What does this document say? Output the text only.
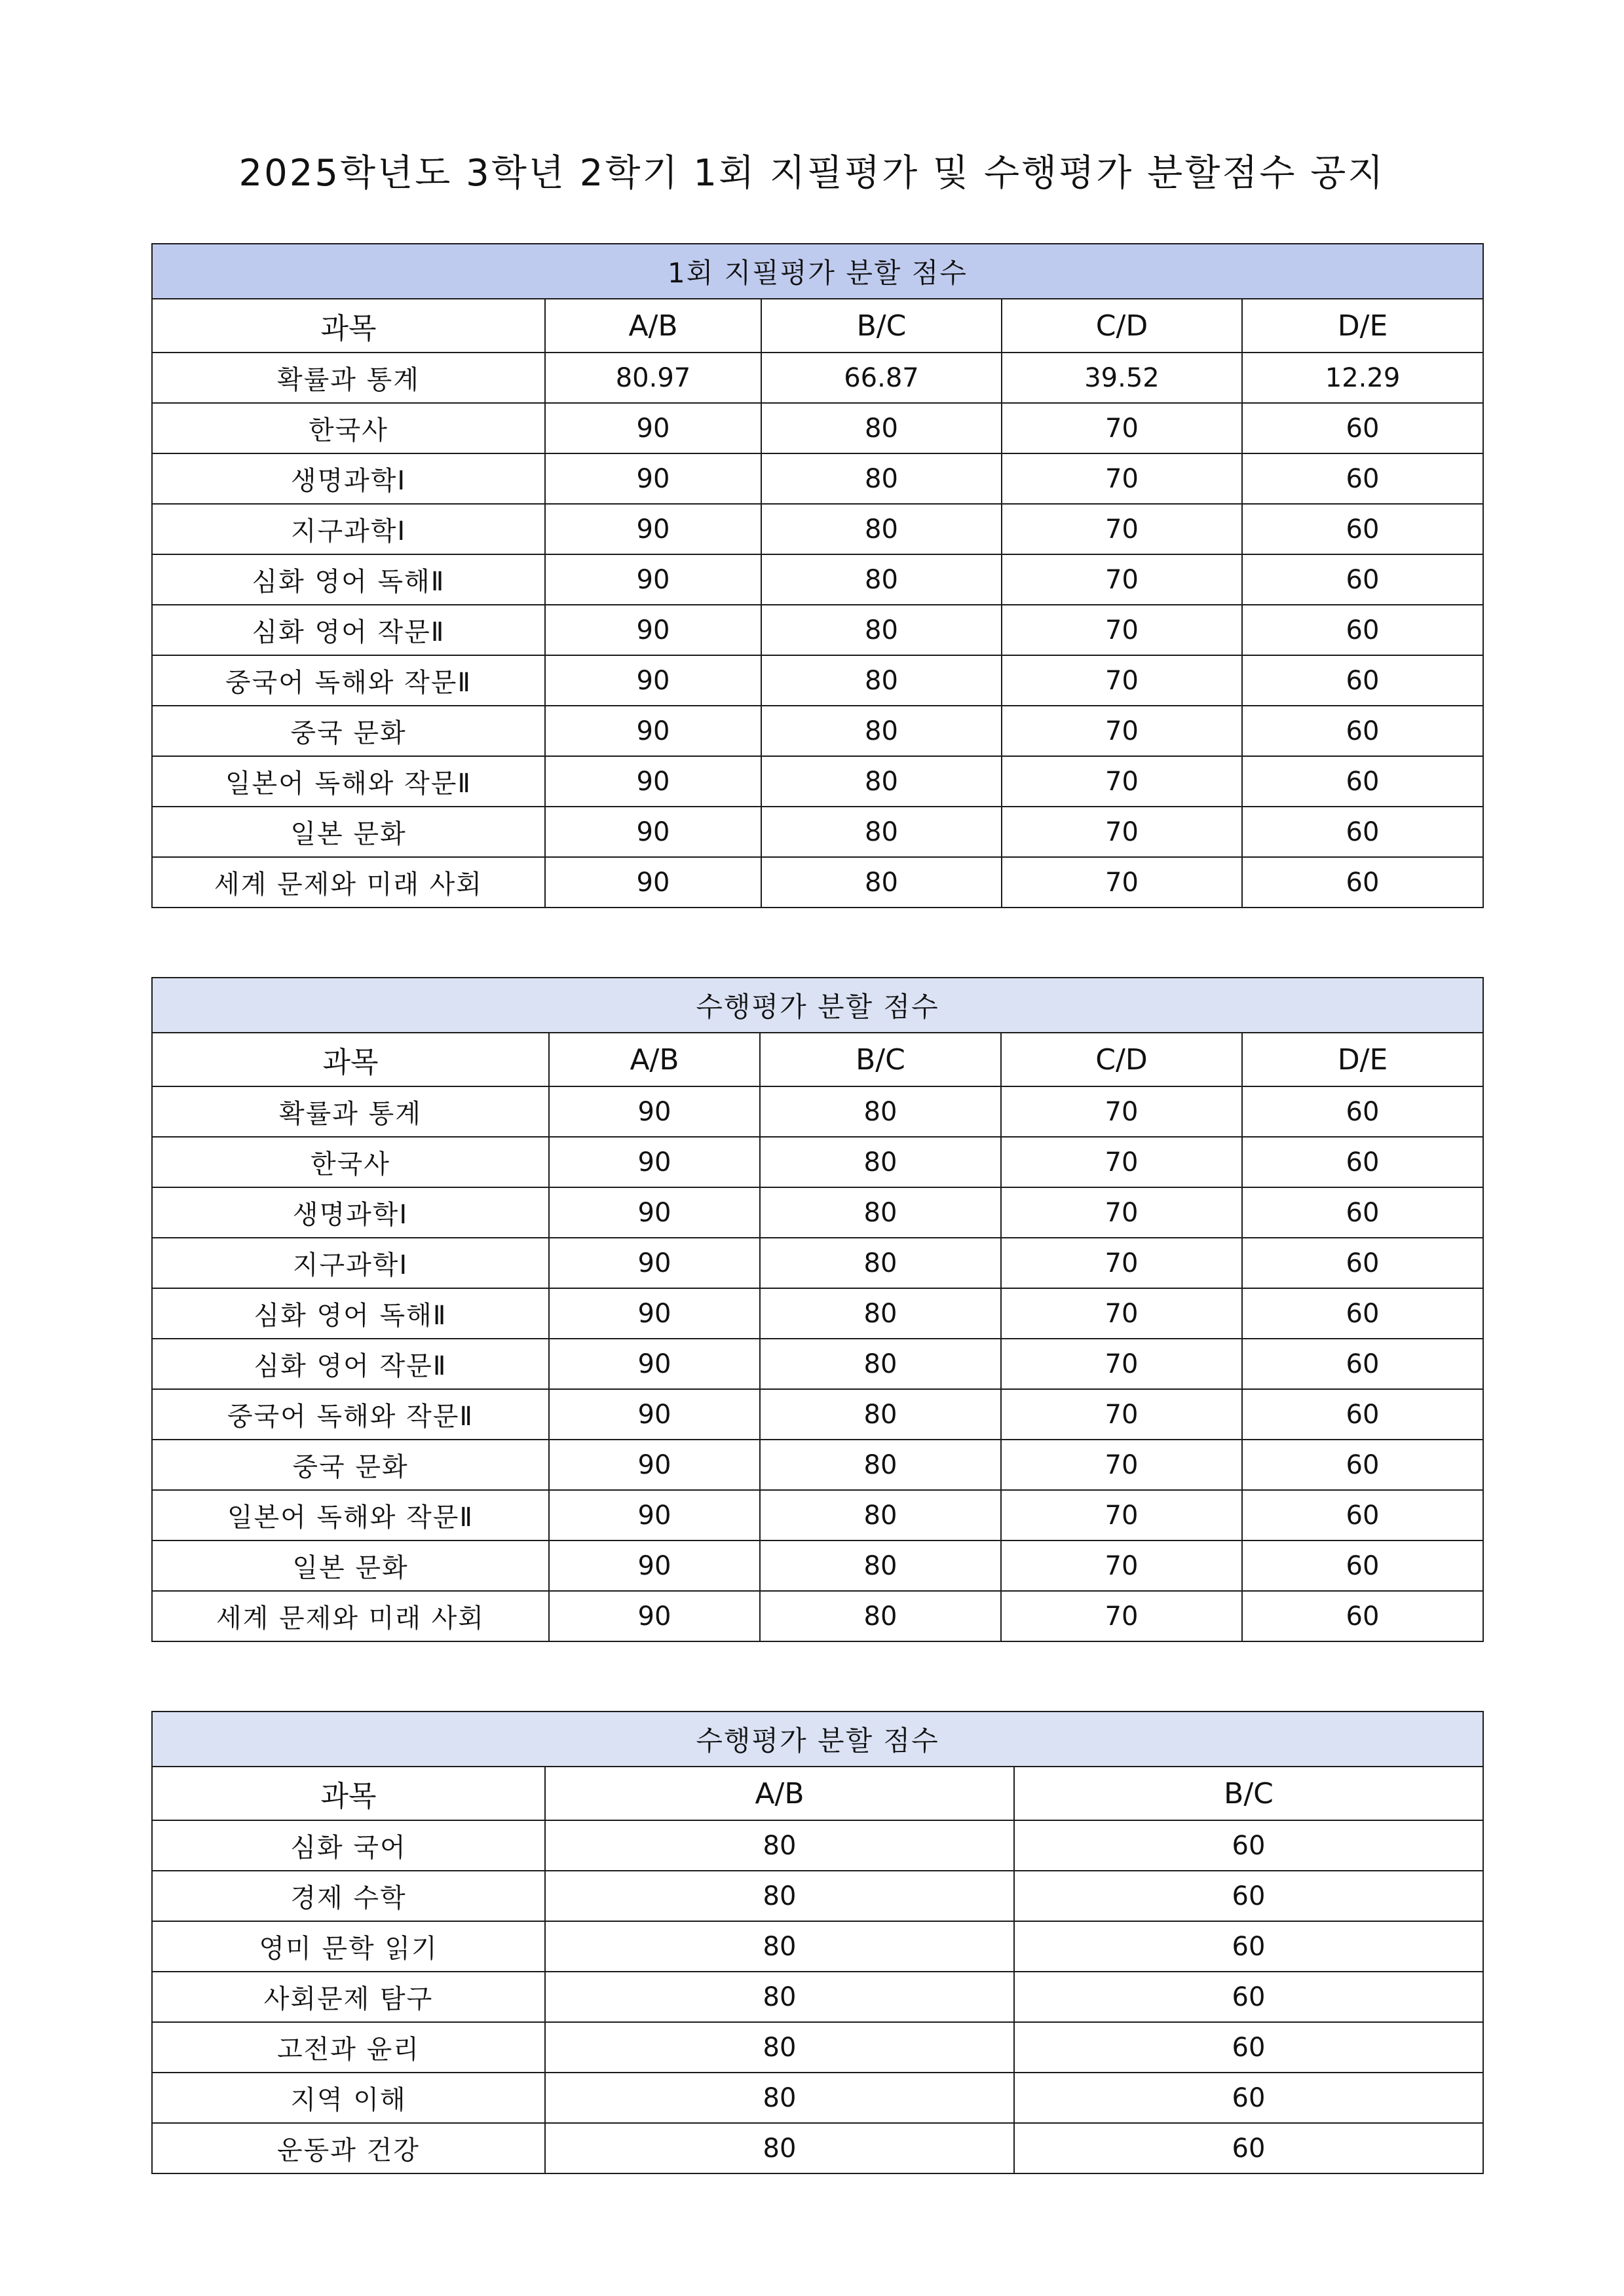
2025학년도 3학년 2학기 1회 지필평가 및 수행평가 분할점수 공지
1회 지필평가 분할 점수				
과목	A/B	B/C	C/D	D/E
확률과 통계	80.97	66.87	39.52	12.29
한국사	90	80	70	60
생명과학Ⅰ	90	80	70	60
지구과학Ⅰ	90	80	70	60
심화 영어 독해Ⅱ	90	80	70	60
심화 영어 작문Ⅱ	90	80	70	60
중국어 독해와 작문Ⅱ	90	80	70	60
중국 문화	90	80	70	60
일본어 독해와 작문Ⅱ	90	80	70	60
일본 문화	90	80	70	60
세계 문제와 미래 사회	90	80	70	60
수행평가 분할 점수				
과목	A/B	B/C	C/D	D/E
확률과 통계	90	80	70	60
한국사	90	80	70	60
생명과학Ⅰ	90	80	70	60
지구과학Ⅰ	90	80	70	60
심화 영어 독해Ⅱ	90	80	70	60
심화 영어 작문Ⅱ	90	80	70	60
중국어 독해와 작문Ⅱ	90	80	70	60
중국 문화	90	80	70	60
일본어 독해와 작문Ⅱ	90	80	70	60
일본 문화	90	80	70	60
세계 문제와 미래 사회	90	80	70	60
수행평가 분할 점수		
과목	A/B	B/C
심화 국어	80	60
경제 수학	80	60
영미 문학 읽기	80	60
사회문제 탐구	80	60
고전과 윤리	80	60
지역 이해	80	60
운동과 건강	80	60
